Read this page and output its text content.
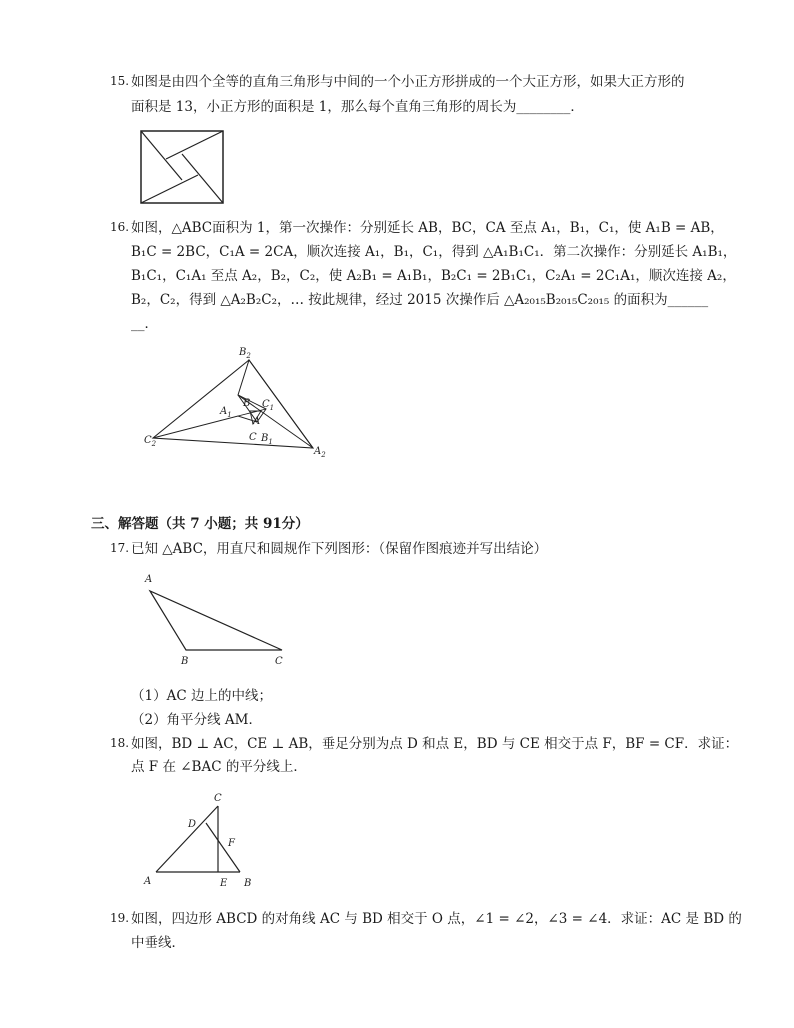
15. 如图是由四个全等的直角三角形与中间的一个小正方形拼成的一个大正方形，如果大正方形的
面积是 13，小正方形的面积是 1，那么每个直角三角形的周长为________．
16. 如图，△ABC面积为 1，第一次操作：分别延长 AB，BC，CA 至点 A₁，B₁，C₁，使 A₁B = AB，
B₁C = 2BC，C₁A = 2CA，顺次连接 A₁，B₁，C₁，得到 △A₁B₁C₁．第二次操作：分别延长 A₁B₁，
B₁C₁，C₁A₁ 至点 A₂，B₂，C₂，使 A₂B₁ = A₁B₁，B₂C₁ = 2B₁C₁，C₂A₁ = 2C₁A₁，顺次连接 A₂，
B₂，C₂，得到 △A₂B₂C₂，… 按此规律，经过 2015 次操作后 △A₂₀₁₅B₂₀₁₅C₂₀₁₅ 的面积为______
__．
$B_2$
$A_1$
B $C_1$
A
C $B_1$
$C_2$
$A_2$
三、解答题（共 7 小题；共 91分）
17. 已知 △ABC，用直尺和圆规作下列图形：（保留作图痕迹并写出结论）
A
B	C
（1）AC 边上的中线；
（2）角平分线 AM．
18. 如图，BD ⊥ AC，CE ⊥ AB，垂足分别为点 D 和点 E，BD 与 CE 相交于点 F，BF = CF．求证：
点 F 在 ∠BAC 的平分线上．
C
D
F
A	E B
19. 如图，四边形 ABCD 的对角线 AC 与 BD 相交于 O 点，∠1 = ∠2，∠3 = ∠4．求证：AC 是 BD 的
中垂线．
